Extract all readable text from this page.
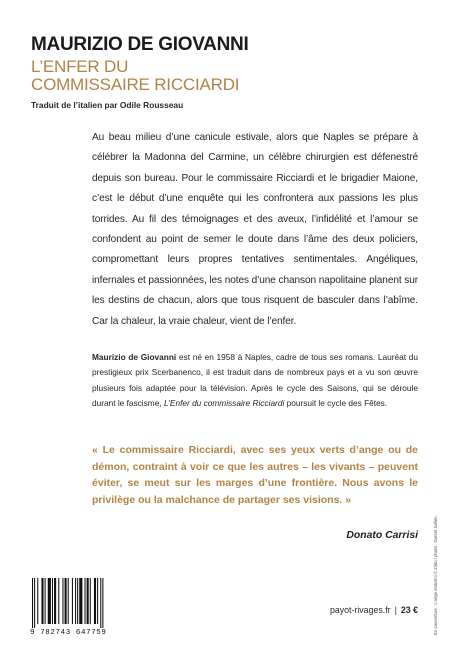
MAURIZIO DE GIOVANNI
L’ENFER DU
COMMISSAIRE RICCIARDI
Traduit de l’italien par Odile Rousseau
Au beau milieu d’une canicule estivale, alors que Naples se prépare à célébrer la Madonna del Carmine, un célèbre chirurgien est défenestré depuis son bureau. Pour le commissaire Ricciardi et le brigadier Maione, c’est le début d’une enquête qui les confrontera aux passions les plus torrides. Au fil des témoignages et des aveux, l’infidélité et l’amour se confondent au point de semer le doute dans l’âme des deux policiers, compromettant leurs propres tentatives sentimentales. Angéliques, infernales et passionnées, les notes d’une chanson napolitaine planent sur les destins de chacun, alors que tous risquent de basculer dans l’abîme. Car la chaleur, la vraie chaleur, vient de l’enfer.
Maurizio de Giovanni est né en 1958 à Naples, cadre de tous ses romans. Lauréat du prestigieux prix Scerbanenco, il est traduit dans de nombreux pays et a vu son œuvre plusieurs fois adaptée pour la télévision. Après le cycle des Saisons, qui se déroule durant le fascisme, L’Enfer du commissaire Ricciardi poursuit le cycle des Fêtes.
« Le commissaire Ricciardi, avec ses yeux verts d’ange ou de démon, contraint à voir ce que les autres – les vivants – peuvent éviter, se meut sur les marges d’une frontière. Nous avons le privilège ou la malchance de partager ses visions. »
Donato Carrisi
9 782743 647759
payot-rivages.fr | 23 €	En couverture : L’ange endormi © Zildo / photo : Dorset Jullien.
